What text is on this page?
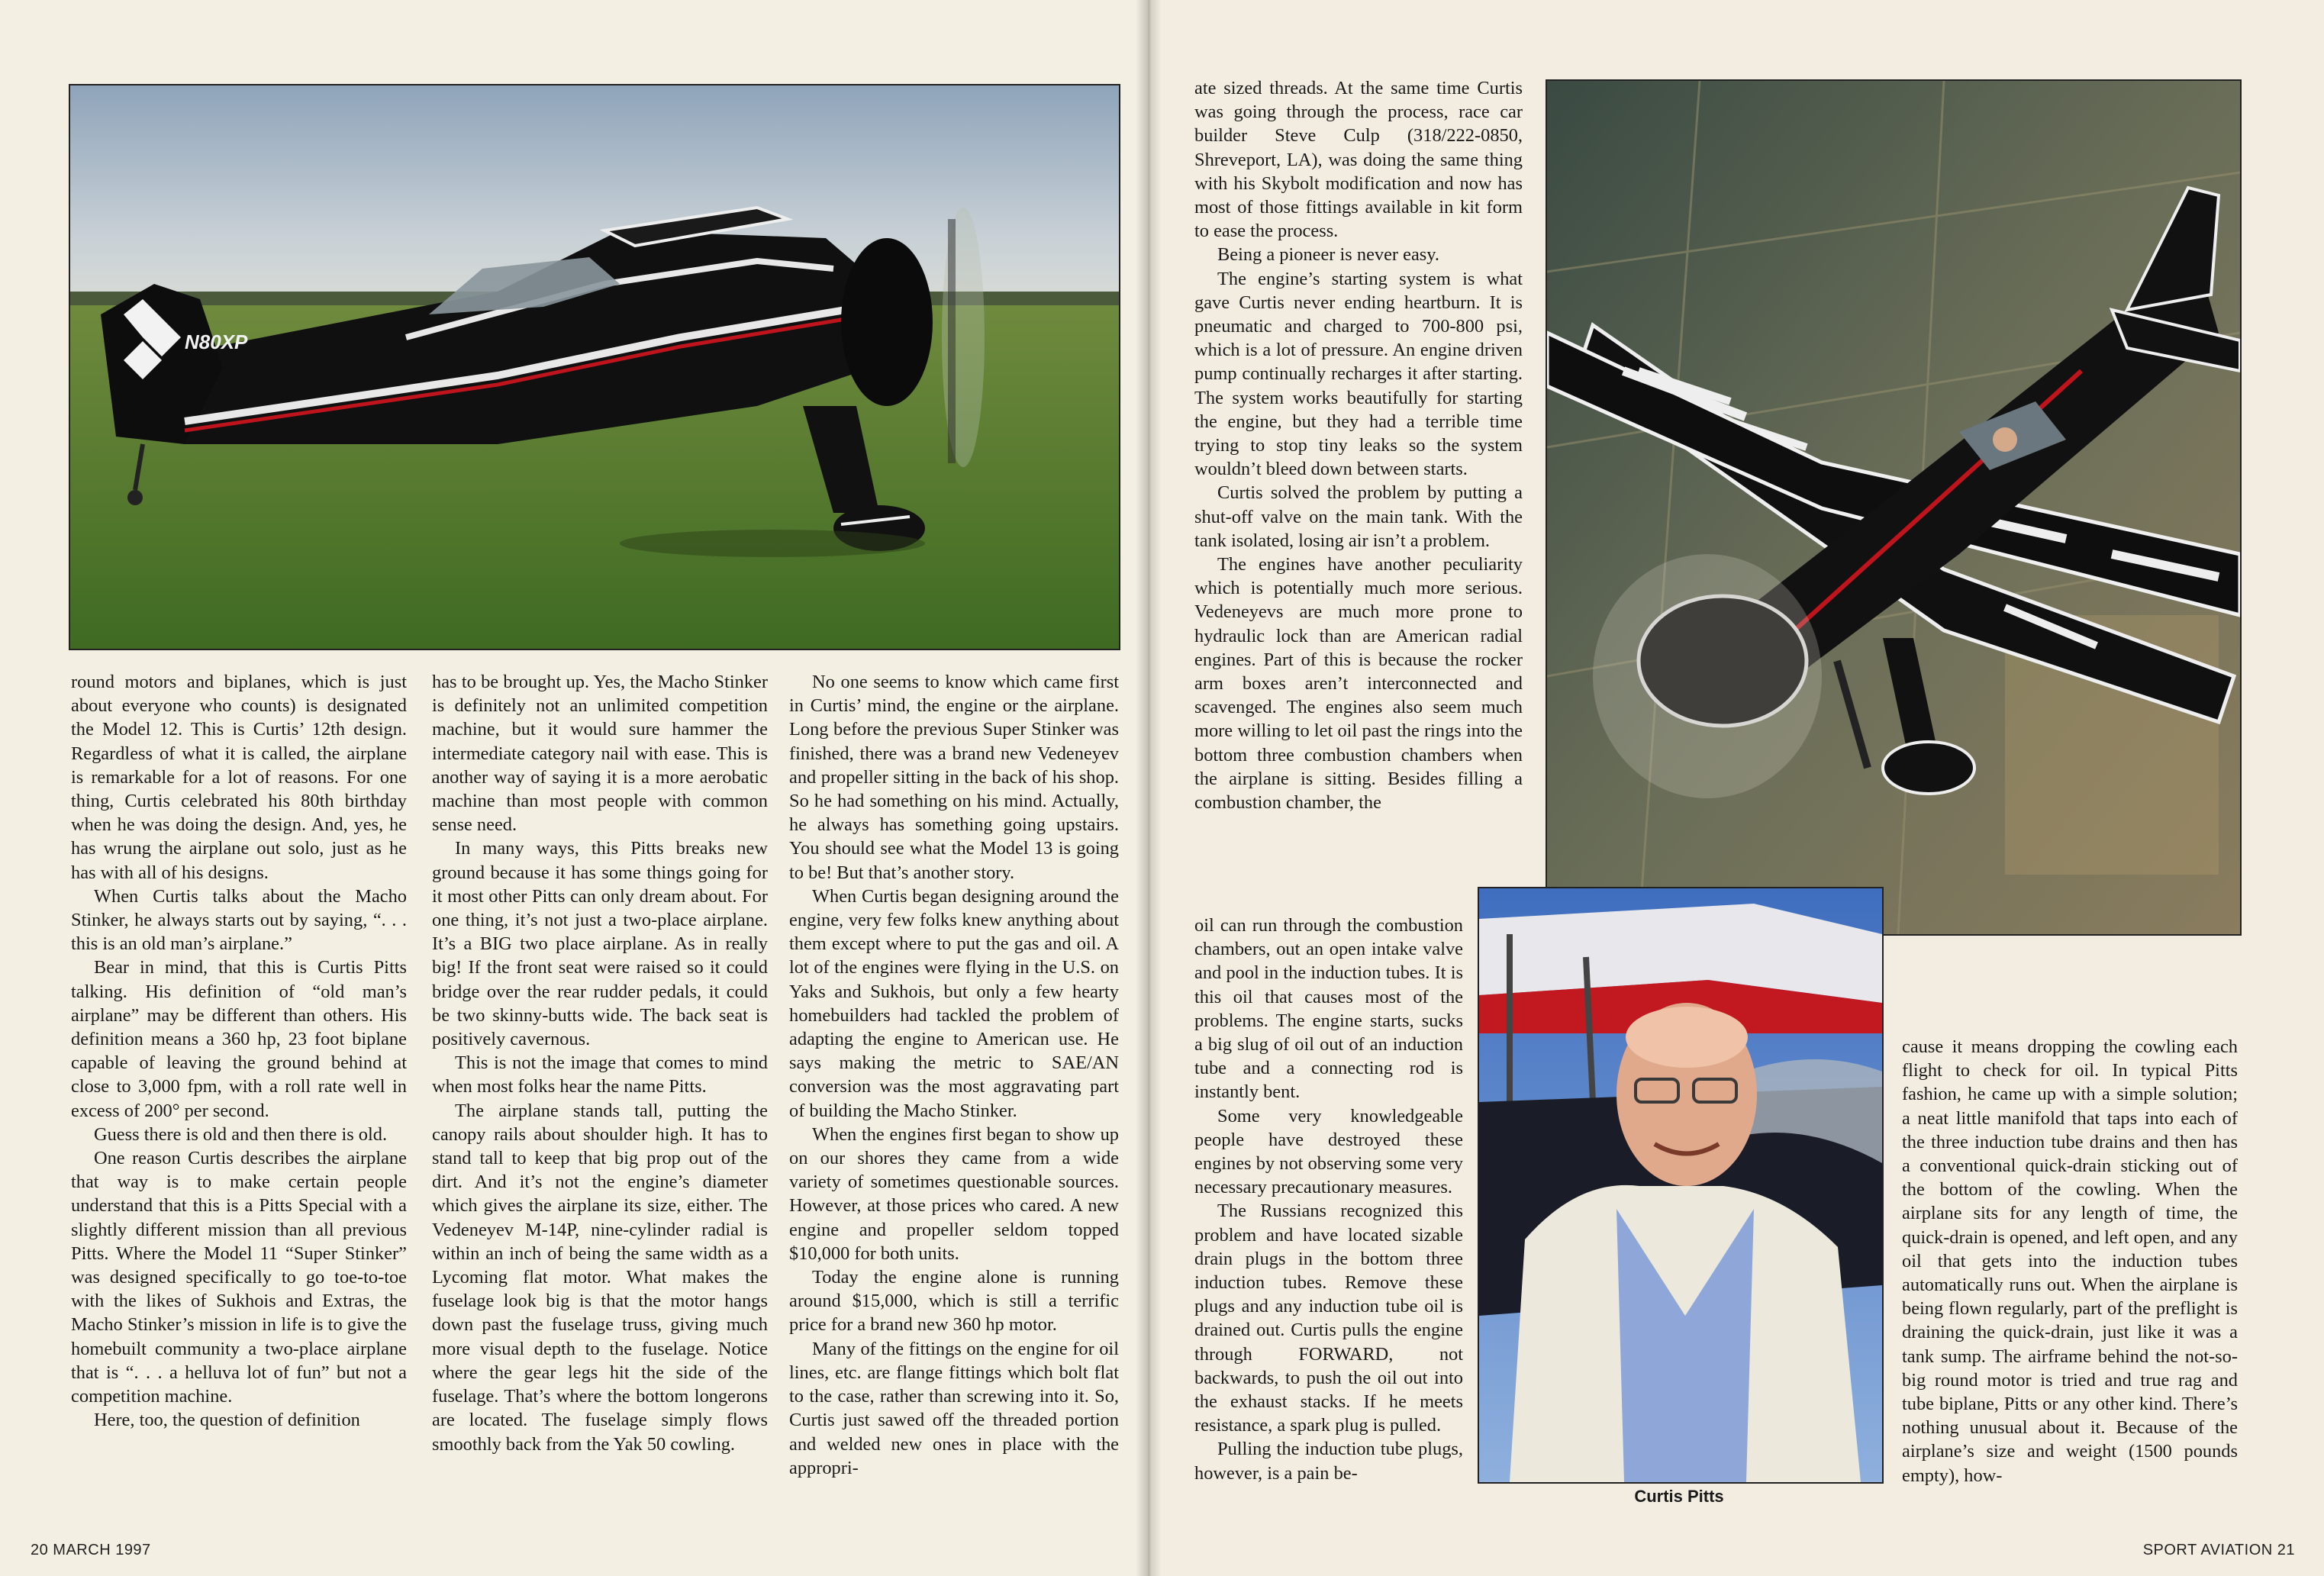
N80XP

round motors and biplanes, which is just about everyone who counts) is designated the Model 12. This is Curtis’ 12th design. Regardless of what it is called, the airplane is remarkable for a lot of reasons. For one thing, Curtis celebrated his 80th birthday when he was doing the design. And, yes, he has wrung the airplane out solo, just as he has with all of his designs.

When Curtis talks about the Macho Stinker, he always starts out by saying, “. . . this is an old man’s airplane.”

Bear in mind, that this is Curtis Pitts talking. His definition of “old man’s airplane” may be different than others. His definition means a 360 hp, 23 foot biplane capable of leaving the ground behind at close to 3,000 fpm, with a roll rate well in excess of 200° per second.

Guess there is old and then there is old.

One reason Curtis describes the airplane that way is to make certain people understand that this is a Pitts Special with a slightly different mission than all previous Pitts. Where the Model 11 “Super Stinker” was designed specifically to go toe-to-toe with the likes of Sukhois and Extras, the Macho Stinker’s mission in life is to give the homebuilt community a two-place airplane that is “. . . a helluva lot of fun” but not a competition machine.

Here, too, the question of definition

has to be brought up. Yes, the Macho Stinker is definitely not an unlimited competition machine, but it would sure hammer the intermediate category nail with ease. This is another way of saying it is a more aerobatic machine than most people with common sense need.

In many ways, this Pitts breaks new ground because it has some things going for it most other Pitts can only dream about. For one thing, it’s not just a two-place airplane. It’s a BIG two place airplane. As in really big! If the front seat were raised so it could bridge over the rear rudder pedals, it could be two skinny-butts wide. The back seat is positively cavernous.

This is not the image that comes to mind when most folks hear the name Pitts.

The airplane stands tall, putting the canopy rails about shoulder high. It has to stand tall to keep that big prop out of the dirt. And it’s not the engine’s diameter which gives the airplane its size, either. The Vedeneyev M-14P, nine-cylinder radial is within an inch of being the same width as a Lycoming flat motor. What makes the fuselage look big is that the motor hangs down past the fuselage truss, giving much more visual depth to the fuselage. Notice where the gear legs hit the side of the fuselage. That’s where the bottom longerons are located. The fuselage simply flows smoothly back from the Yak 50 cowling.

No one seems to know which came first in Curtis’ mind, the engine or the airplane. Long before the previous Super Stinker was finished, there was a brand new Vedeneyev and propeller sitting in the back of his shop. So he had something on his mind. Actually, he always has something going upstairs. You should see what the Model 13 is going to be! But that’s another story.

When Curtis began designing around the engine, very few folks knew anything about them except where to put the gas and oil. A lot of the engines were flying in the U.S. on Yaks and Sukhois, but only a few hearty homebuilders had tackled the problem of adapting the engine to American use. He says making the metric to SAE/AN conversion was the most aggravating part of building the Macho Stinker.

When the engines first began to show up on our shores they came from a wide variety of sometimes questionable sources. However, at those prices who cared. A new engine and propeller seldom topped $10,000 for both units.

Today the engine alone is running around $15,000, which is still a terrific price for a brand new 360 hp motor.

Many of the fittings on the engine for oil lines, etc. are flange fittings which bolt flat to the case, rather than screwing into it. So, Curtis just sawed off the threaded portion and welded new ones in place with the appropri-

20 MARCH 1997

ate sized threads. At the same time Curtis was going through the process, race car builder Steve Culp (318/222-0850, Shreveport, LA), was doing the same thing with his Skybolt modification and now has most of those fittings available in kit form to ease the process.

Being a pioneer is never easy.

The engine’s starting system is what gave Curtis never ending heartburn. It is pneumatic and charged to 700-800 psi, which is a lot of pressure. An engine driven pump continually recharges it after starting. The system works beautifully for starting the engine, but they had a terrible time trying to stop tiny leaks so the system wouldn’t bleed down between starts.

Curtis solved the problem by putting a shut-off valve on the main tank. With the tank isolated, losing air isn’t a problem.

The engines have another peculiarity which is potentially much more serious. Vedeneyevs are much more prone to hydraulic lock than are American radial engines. Part of this is because the rocker arm boxes aren’t interconnected and scavenged. The engines also seem much more willing to let oil past the rings into the bottom three combustion chambers when the airplane is sitting. Besides filling a combustion chamber, the

oil can run through the combustion chambers, out an open intake valve and pool in the induction tubes. It is this oil that causes most of the problems. The engine starts, sucks a big slug of oil out of an induction tube and a connecting rod is instantly bent.

Some very knowledgeable people have destroyed these engines by not observing some very necessary precautionary measures.

The Russians recognized this problem and have located sizable drain plugs in the bottom three induction tubes. Remove these plugs and any induction tube oil is drained out. Curtis pulls the engine through FORWARD, not backwards, to push the oil out into the exhaust stacks. If he meets resistance, a spark plug is pulled.

Pulling the induction tube plugs, however, is a pain be-

Curtis Pitts

cause it means dropping the cowling each flight to check for oil. In typical Pitts fashion, he came up with a simple solution; a neat little manifold that taps into each of the three induction tube drains and then has a conventional quick-drain sticking out of the bottom of the cowling. When the airplane sits for any length of time, the quick-drain is opened, and left open, and any oil that gets into the induction tubes automatically runs out. When the airplane is being flown regularly, part of the preflight is draining the quick-drain, just like it was a tank sump. The airframe behind the not-so-big round motor is tried and true rag and tube biplane, Pitts or any other kind. There’s nothing unusual about it. Because of the airplane’s size and weight (1500 pounds empty), how-

SPORT AVIATION 21
